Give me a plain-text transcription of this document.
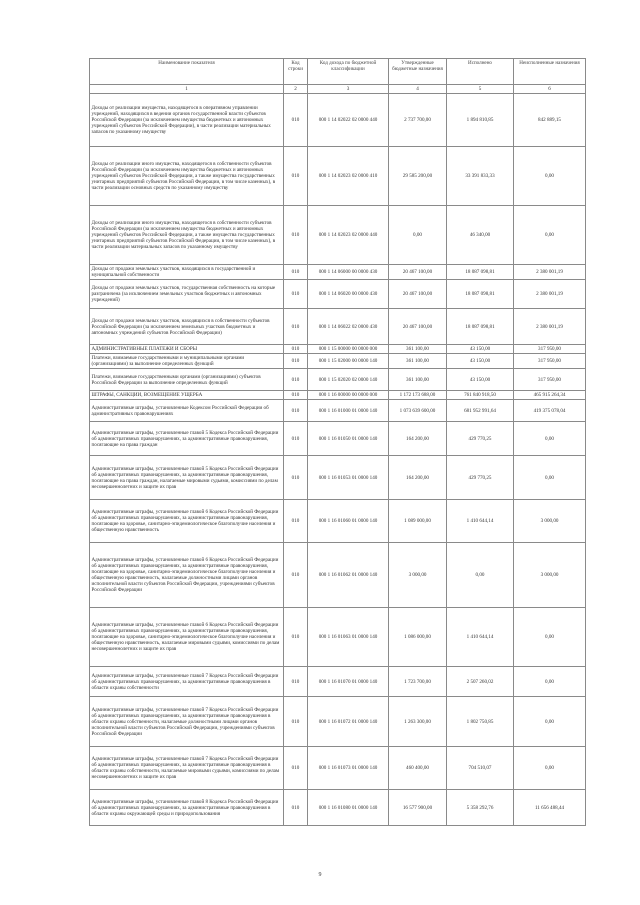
Наименование показателя	Код строки	Код дохода по бюджетной классификации	Утвержденные бюджетные назначения	Исполнено	Неисполненные назначения
1	2	3	4	5	6
Доходы от реализации имущества, находящегося в оперативном управлении учреждений, находящихся в ведении органов государственной власти субъектов Российской Федерации (за исключением имущества бюджетных и автономных учреждений субъектов Российской Федерации), в части реализации материальных запасов по указанному имуществу	010	000 1 14 02022 02 0000 440	2 737 700,00	1 894 810,85	842 889,15
Доходы от реализации иного имущества, находящегося в собственности субъектов Российской Федерации (за исключением имущества бюджетных и автономных учреждений субъектов Российской Федерации, а также имущества государственных унитарных предприятий субъектов Российской Федерации, в том числе казенных), в части реализации основных средств по указанному имуществу	010	000 1 14 02023 02 0000 410	29 585 200,00	33 391 833,33	0,00
Доходы от реализации иного имущества, находящегося в собственности субъектов Российской Федерации (за исключением имущества бюджетных и автономных учреждений субъектов Российской Федерации, а также имущества государственных унитарных предприятий субъектов Российской Федерации, в том числе казенных), в части реализации материальных запасов по указанному имуществу	010	000 1 14 02023 02 0000 440	0,00	46 340,00	0,00
Доходы от продажи земельных участков, находящихся в государственной и муниципальной собственности	010	000 1 14 06000 00 0000 430	20 467 100,00	18 087 098,81	2 380 001,19
Доходы от продажи земельных участков, государственная собственность на которые разграничена (за исключением земельных участков бюджетных и автономных учреждений)	010	000 1 14 06020 00 0000 430	20 467 100,00	18 087 098,81	2 380 001,19
Доходы от продажи земельных участков, находящихся в собственности субъектов Российской Федерации (за исключением земельных участков бюджетных и автономных учреждений субъектов Российской Федерации)	010	000 1 14 06022 02 0000 430	20 467 100,00	18 087 098,81	2 380 001,19
АДМИНИСТРАТИВНЫЕ ПЛАТЕЖИ И СБОРЫ	010	000 1 15 00000 00 0000 000	361 100,00	43 150,00	317 950,00
Платежи, взимаемые государственными и муниципальными органами (организациями) за выполнение определенных функций	010	000 1 15 02000 00 0000 140	361 100,00	43 150,00	317 950,00
Платежи, взимаемые государственными органами (организациями) субъектов Российской Федерации за выполнение определенных функций	010	000 1 15 02020 02 0000 140	361 100,00	43 150,00	317 950,00
ШТРАФЫ, САНКЦИИ, ВОЗМЕЩЕНИЕ УЩЕРБА	010	000 1 16 00000 00 0000 000	1 172 173 688,00	761 840 918,50	465 915 264,34
Административные штрафы, установленные Кодексом Российской Федерации об административных правонарушениях	010	000 1 16 01000 01 0000 140	1 073 639 600,00	681 952 991,64	419 375 078,04
Административные штрафы, установленные главой 5 Кодекса Российской Федерации об административных правонарушениях, за административные правонарушения, посягающие на права граждан	010	000 1 16 01050 01 0000 140	164 200,00	429 770,25	0,00
Административные штрафы, установленные главой 5 Кодекса Российской Федерации об административных правонарушениях, за административные правонарушения, посягающие на права граждан, налагаемые мировыми судьями, комиссиями по делам несовершеннолетних и защите их прав	010	000 1 16 01053 01 0000 140	164 200,00	429 770,25	0,00
Административные штрафы, установленные главой 6 Кодекса Российской Федерации об административных правонарушениях, за административные правонарушения, посягающие на здоровье, санитарно-эпидемиологическое благополучие населения и общественную нравственность	010	000 1 16 01060 01 0000 140	1 089 000,00	1 410 644,14	3 000,00
Административные штрафы, установленные главой 6 Кодекса Российской Федерации об административных правонарушениях, за административные правонарушения, посягающие на здоровье, санитарно-эпидемиологическое благополучие населения и общественную нравственность, налагаемые должностными лицами органов исполнительной власти субъектов Российской Федерации, учреждениями субъектов Российской Федерации	010	000 1 16 01062 01 0000 140	3 000,00	0,00	3 000,00
Административные штрафы, установленные главой 6 Кодекса Российской Федерации об административных правонарушениях, за административные правонарушения, посягающие на здоровье, санитарно-эпидемиологическое благополучие населения и общественную нравственность, налагаемые мировыми судьями, комиссиями по делам несовершеннолетних и защите их прав	010	000 1 16 01063 01 0000 140	1 086 000,00	1 410 644,14	0,00
Административные штрафы, установленные главой 7 Кодекса Российской Федерации об административных правонарушениях, за административные правонарушения в области охраны собственности	010	000 1 16 01070 01 0000 140	1 723 700,00	2 507 260,02	0,00
Административные штрафы, установленные главой 7 Кодекса Российской Федерации об административных правонарушениях, за административные правонарушения в области охраны собственности, налагаемые должностными лицами органов исполнительной власти субъектов Российской Федерации, учреждениями субъектов Российской Федерации	010	000 1 16 01072 01 0000 140	1 263 300,00	1 802 750,85	0,00
Административные штрафы, установленные главой 7 Кодекса Российской Федерации об административных правонарушениях, за административные правонарушения в области охраны собственности, налагаемые мировыми судьями, комиссиями по делам несовершеннолетних и защите их прав	010	000 1 16 01073 01 0000 140	460 400,00	704 510,07	0,00
Административные штрафы, установленные главой 8 Кодекса Российской Федерации об административных правонарушениях, за административные правонарушения в области охраны окружающей среды и природопользования	010	000 1 16 01080 01 0000 140	16 577 900,00	5 358 292,76	11 656 488,44
9
